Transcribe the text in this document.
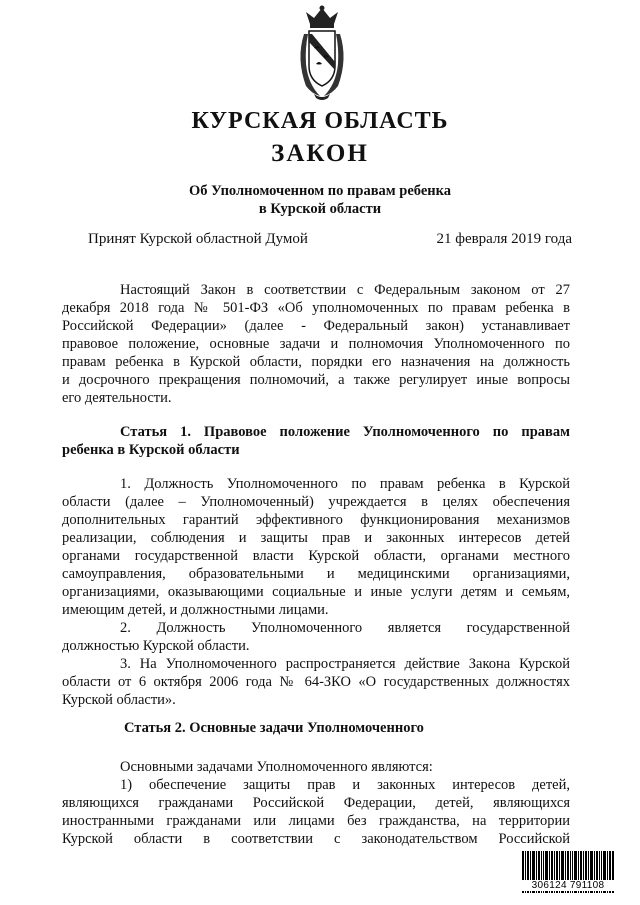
КУРСКАЯ ОБЛАСТЬ
ЗАКОН
Об Уполномоченном по правам ребенка
в Курской области
Принят Курской областной Думой	21 февраля 2019 года
Настоящий Закон в соответствии с Федеральным законом от 27
декабря 2018 года № 501-ФЗ «Об уполномоченных по правам ребенка в
Российской Федерации» (далее - Федеральный закон) устанавливает
правовое положение, основные задачи и полномочия Уполномоченного по
правам ребенка в Курской области, порядки его назначения на должность
и досрочного прекращения полномочий, а также регулирует иные вопросы
его деятельности.
Статья 1. Правовое положение Уполномоченного по правам
ребенка в Курской области
1. Должность Уполномоченного по правам ребенка в Курской
области (далее – Уполномоченный) учреждается в целях обеспечения
дополнительных гарантий эффективного функционирования механизмов
реализации, соблюдения и защиты прав и законных интересов детей
органами государственной власти Курской области, органами местного
самоуправления, образовательными и медицинскими организациями,
организациями, оказывающими социальные и иные услуги детям и семьям,
имеющим детей, и должностными лицами.
2. Должность Уполномоченного является государственной
должностью Курской области.
3. На Уполномоченного распространяется действие Закона Курской
области от 6 октября 2006 года № 64-ЗКО «О государственных должностях
Курской области».
Статья 2. Основные задачи Уполномоченного
Основными задачами Уполномоченного являются:
1) обеспечение защиты прав и законных интересов детей,
являющихся гражданами Российской Федерации, детей, являющихся
иностранными гражданами или лицами без гражданства, на территории
Курской области в соответствии с законодательством Российской
306124 791108
